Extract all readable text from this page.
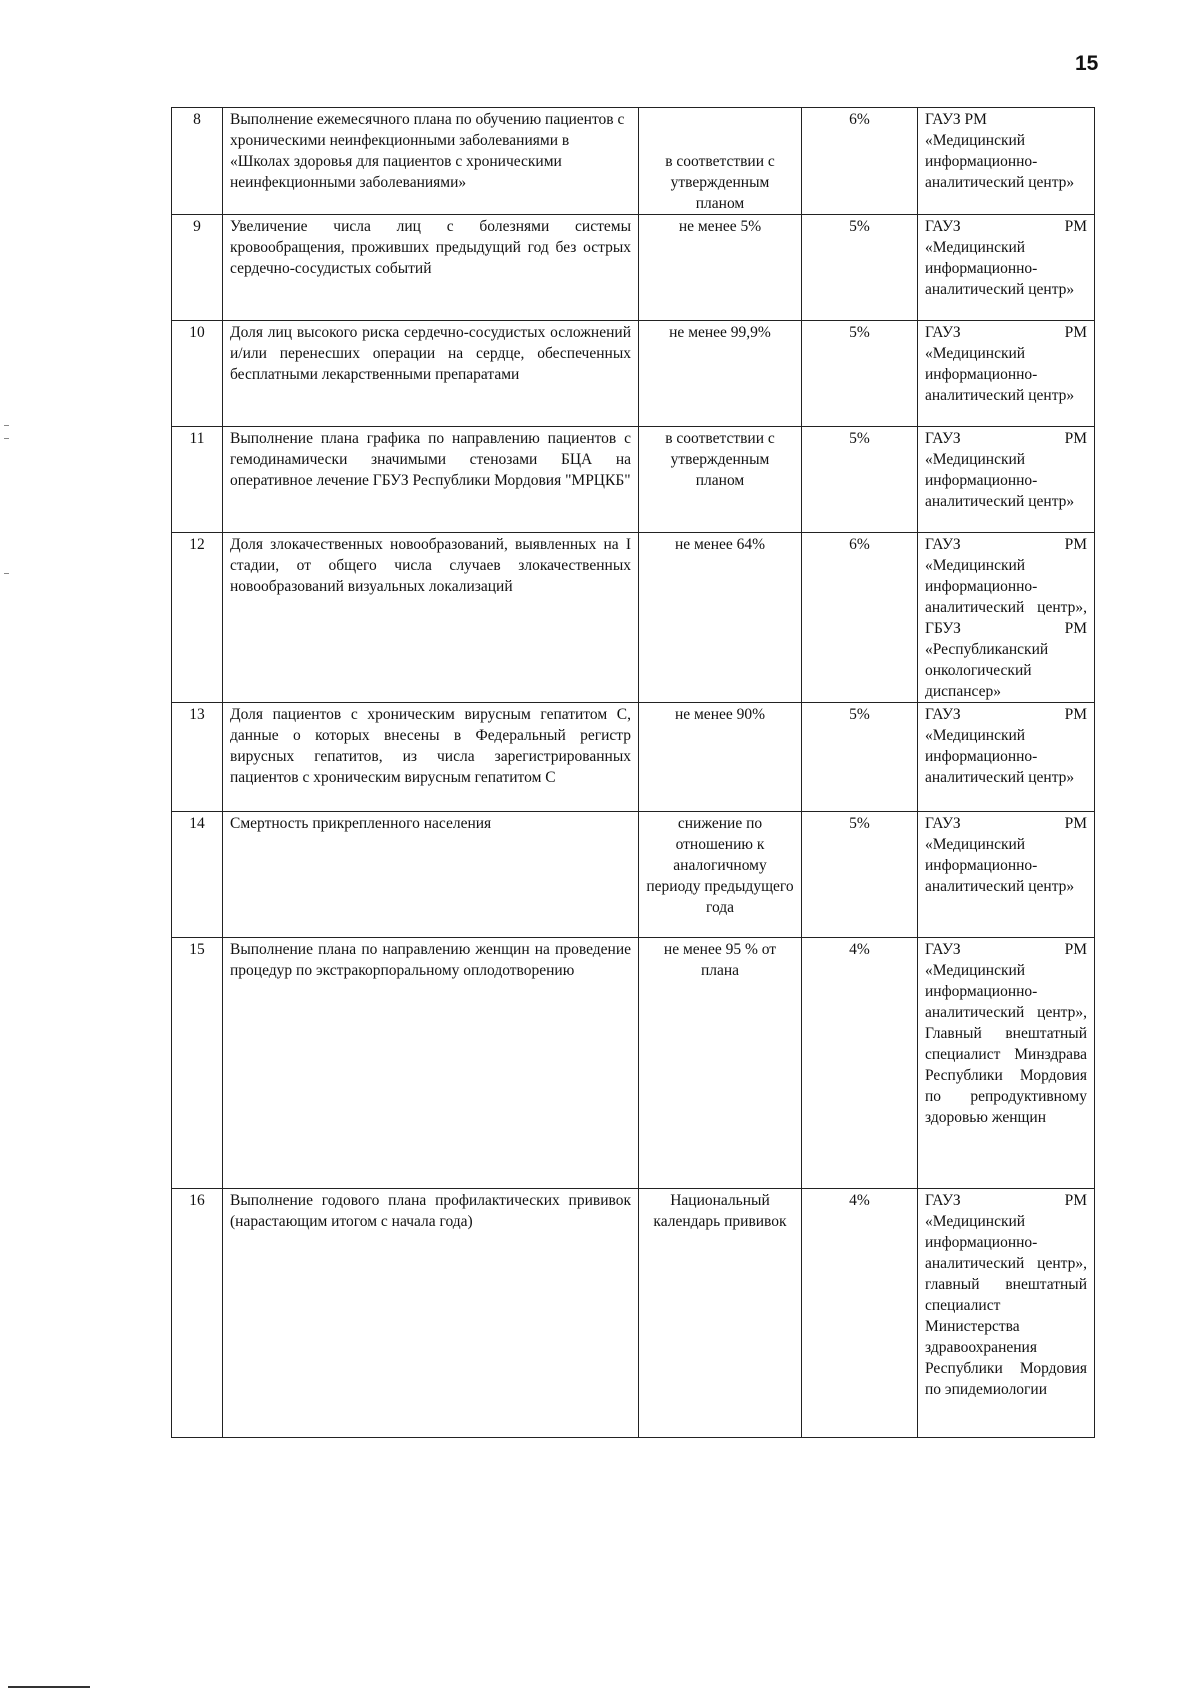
15
8	Выполнение ежемесячного плана по обучению пациентов с хроническими неинфекционными заболеваниями в «Школах здоровья для пациентов с хроническими неинфекционными заболеваниями»	в соответствии с утвержденным планом	6%	ГАУЗ РМ «Медицинский информационно-аналитический центр»
9	Увеличение числа лиц с болезнями системы кровообращения, проживших предыдущий год без острых сердечно-сосудистых событий	не менее 5%	5%	ГАУЗ РМ «Медицинский информационно-аналитический центр»
10	Доля лиц высокого риска сердечно-сосудистых осложнений и/или перенесших операции на сердце, обеспеченных бесплатными лекарственными препаратами	не менее 99,9%	5%	ГАУЗ РМ «Медицинский информационно-аналитический центр»
11	Выполнение плана графика по направлению пациентов с гемодинамически значимыми стенозами БЦА на оперативное лечение ГБУЗ Республики Мордовия "МРЦКБ"	в соответствии с утвержденным планом	5%	ГАУЗ РМ «Медицинский информационно-аналитический центр»
12	Доля злокачественных новообразований, выявленных на I стадии, от общего числа случаев злокачественных новообразований визуальных локализаций	не менее 64%	6%	ГАУЗ РМ «Медицинский информационно-аналитический центр», ГБУЗ РМ «Республиканский онкологический диспансер»
13	Доля пациентов с хроническим вирусным гепатитом С, данные о которых внесены в Федеральный регистр вирусных гепатитов, из числа зарегистрированных пациентов с хроническим вирусным гепатитом С	не менее 90%	5%	ГАУЗ РМ «Медицинский информационно-аналитический центр»
14	Смертность прикрепленного населения	снижение по отношению к аналогичному периоду предыдущего года	5%	ГАУЗ РМ «Медицинский информационно-аналитический центр»
15	Выполнение плана по направлению женщин на проведение процедур по экстракорпоральному оплодотворению	не менее 95 % от плана	4%	ГАУЗ РМ «Медицинский информационно-аналитический центр», Главный внештатный специалист Минздрава Республики Мордовия по репродуктивному здоровью женщин
16	Выполнение годового плана профилактических прививок (нарастающим итогом с начала года)	Национальный календарь прививок	4%	ГАУЗ РМ «Медицинский информационно-аналитический центр», главный внештатный специалист Министерства здравоохранения Республики Мордовия по эпидемиологии
